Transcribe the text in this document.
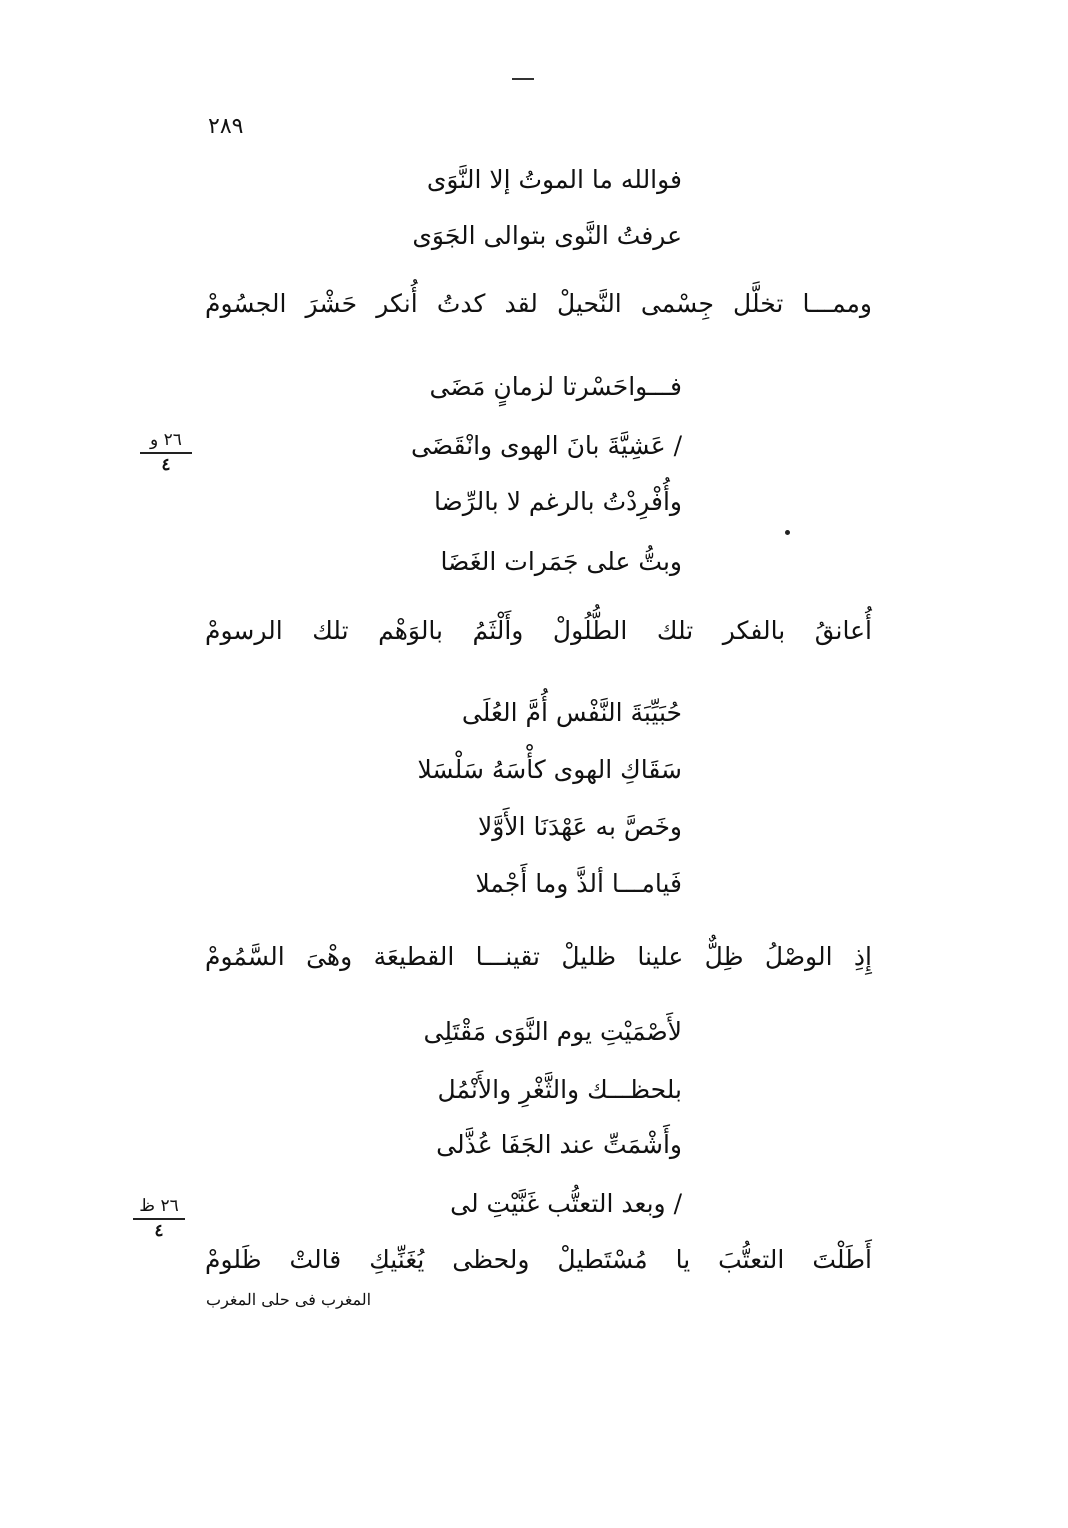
٢٨٩
فوالله ما الموتُ إلا النَّوَى
عرفتُ النَّوى بتوالى الجَوَى
وممـــا تخلَّل جِسْمى النَّحيلْ لقد كدتُ أُنكر حَشْرَ الجسُومْ
فـــواحَسْرتا لزمانٍ مَضَى
/ عَشِيَّةَ بانَ الهوى وانْقَضَى
وأُفْرِدْتُ بالرغم لا بالرِّضا
وبتُّ على جَمَرات الغَضَا
أُعانقُ بالفكر تلك الطُّلُولْ وأَلْثَمُ بالوَهْم تلك الرسومْ
حُبَيِّبَةَ النَّفْس أُمَّ العُلَى
سَقَاكِ الهوى كأْسَهُ سَلْسَلا
وخَصَّ به عَهْدَنَا الأَوَّلا
فَيامـــا ألذَّ وما أَجْملا
إِذِ الوصْلُ ظِلٌّ علينا ظليلْ تقينـــا القطيعَة وهْىَ السَّمُومْ
لأَصْمَيْتِ يوم النَّوَى مَقْتَلِى
بلحظـــك والثَّغْرِ والأَنْمُل
وأَشْمَتِّ عند الجَفَا عُذَّلى
/ وبعد التعتُّب غَنَّيْتِ لى
أَطَلْتَ التعتُّبَ يا مُسْتَطيلْ ولحظى يُغَنِّيكِ قالتْ ظَلومْ
٢٦ و
٤
٢٦ ظ
٤
المغرب فى حلى المغرب
